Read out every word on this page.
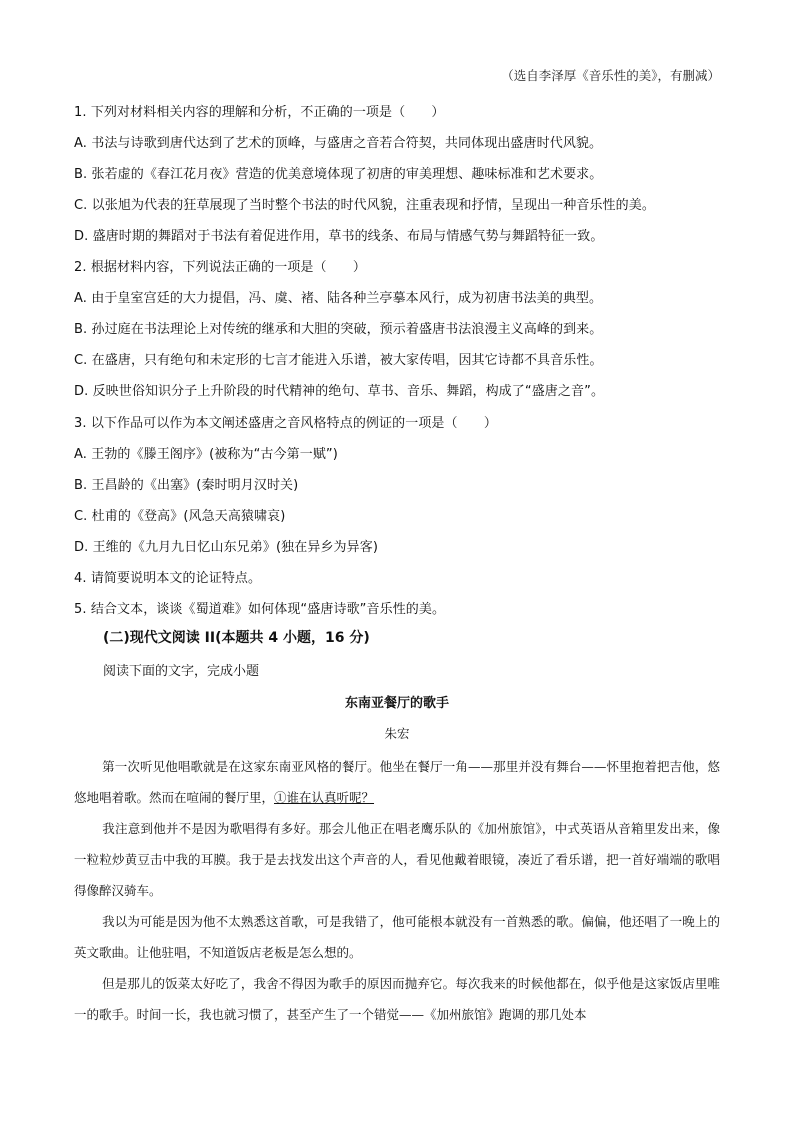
（选自李泽厚《音乐性的美》，有删减）
1. 下列对材料相关内容的理解和分析，不正确的一项是（　　）
A. 书法与诗歌到唐代达到了艺术的顶峰，与盛唐之音若合符契，共同体现出盛唐时代风貌。
B. 张若虚的《春江花月夜》营造的优美意境体现了初唐的审美理想、趣味标准和艺术要求。
C. 以张旭为代表的狂草展现了当时整个书法的时代风貌，注重表现和抒情，呈现出一种音乐性的美。
D. 盛唐时期的舞蹈对于书法有着促进作用，草书的线条、布局与情感气势与舞蹈特征一致。
2. 根据材料内容，下列说法正确的一项是（　　）
A. 由于皇室宫廷的大力提倡，冯、虞、褚、陆各种兰亭摹本风行，成为初唐书法美的典型。
B. 孙过庭在书法理论上对传统的继承和大胆的突破，预示着盛唐书法浪漫主义高峰的到来。
C. 在盛唐，只有绝句和未定形的七言才能进入乐谱，被大家传唱，因其它诗都不具音乐性。
D. 反映世俗知识分子上升阶段的时代精神的绝句、草书、音乐、舞蹈，构成了“盛唐之音”。
3. 以下作品可以作为本文阐述盛唐之音风格特点的例证的一项是（　　）
A. 王勃的《滕王阁序》(被称为“古今第一赋”)
B. 王昌龄的《出塞》(秦时明月汉时关)
C. 杜甫的《登高》(风急天高猿啸哀)
D. 王维的《九月九日忆山东兄弟》(独在异乡为异客)
4. 请简要说明本文的论证特点。
5. 结合文本，谈谈《蜀道难》如何体现“盛唐诗歌”音乐性的美。
(二)现代文阅读 II(本题共 4 小题，16 分)
阅读下面的文字，完成小题
东南亚餐厅的歌手
朱宏
第一次听见他唱歌就是在这家东南亚风格的餐厅。他坐在餐厅一角——那里并没有舞台——怀里抱着把吉他，悠悠地唱着歌。然而在喧闹的餐厅里，①谁在认真听呢？
我注意到他并不是因为歌唱得有多好。那会儿他正在唱老鹰乐队的《加州旅馆》，中式英语从音箱里发出来，像一粒粒炒黄豆击中我的耳膜。我于是去找发出这个声音的人，看见他戴着眼镜，凑近了看乐谱，把一首好端端的歌唱得像醉汉骑车。
我以为可能是因为他不太熟悉这首歌，可是我错了，他可能根本就没有一首熟悉的歌。偏偏，他还唱了一晚上的英文歌曲。让他驻唱，不知道饭店老板是怎么想的。
但是那儿的饭菜太好吃了，我舍不得因为歌手的原因而抛弃它。每次我来的时候他都在，似乎他是这家饭店里唯一的歌手。时间一长，我也就习惯了，甚至产生了一个错觉——《加州旅馆》跑调的那几处本
